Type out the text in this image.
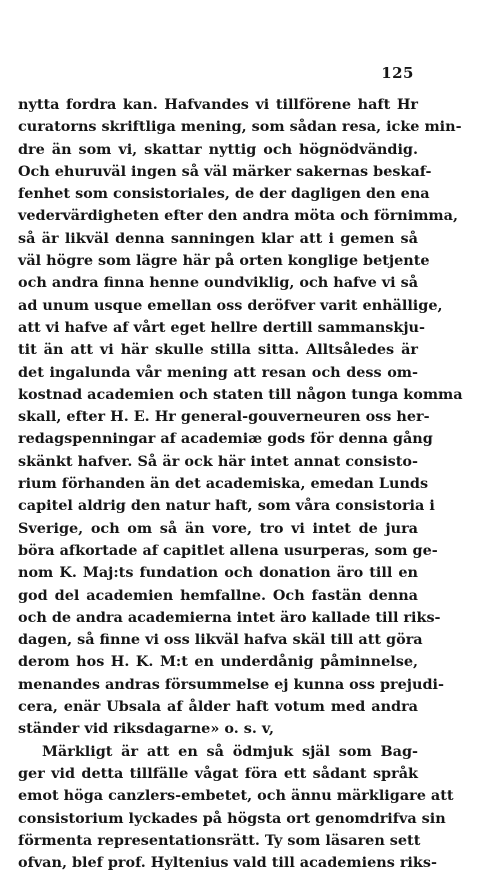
125
nytta fordra kan. Hafvandes vi tillförene haft Hr
curatorns skriftliga mening, som sådan resa, icke min-
dre än som vi, skattar nyttig och högnödvändig.
Och ehuruväl ingen så väl märker sakernas beskaf-
fenhet som consistoriales, de der dagligen den ena
vedervärdigheten efter den andra möta och förnimma,
så är likväl denna sanningen klar att i gemen så
väl högre som lägre här på orten konglige betjente
och andra finna henne oundviklig, och hafve vi så
ad unum usque emellan oss deröfver varit enhällige,
att vi hafve af vårt eget hellre dertill sammanskju-
tit än att vi här skulle stilla sitta. Alltsåledes är
det ingalunda vår mening att resan och dess om-
kostnad academien och staten till någon tunga komma
skall, efter H. E. Hr general-gouverneuren oss her-
redagspenningar af academiæ gods för denna gång
skänkt hafver. Så är ock här intet annat consisto-
rium förhanden än det academiska, emedan Lunds
capitel aldrig den natur haft, som våra consistoria i
Sverige, och om så än vore, tro vi intet de jura
böra afkortade af capitlet allena usurperas, som ge-
nom K. Maj:ts fundation och donation äro till en
god del academien hemfallne. Och fastän denna
och de andra academierna intet äro kallade till riks-
dagen, så finne vi oss likväl hafva skäl till att göra
derom hos H. K. M:t en underdånig påminnelse,
menandes andras försummelse ej kunna oss prejudi-
cera, enär Ubsala af ålder haft votum med andra
ständer vid riksdagarne» o. s. v,
Märkligt är att en så ödmjuk själ som Bag-
ger vid detta tillfälle vågat föra ett sådant språk
emot höga canzlers-embetet, och ännu märkligare att
consistorium lyckades på högsta ort genomdrifva sin
förmenta representationsrätt. Ty som läsaren sett
ofvan, blef prof. Hyltenius vald till academiens riks-
